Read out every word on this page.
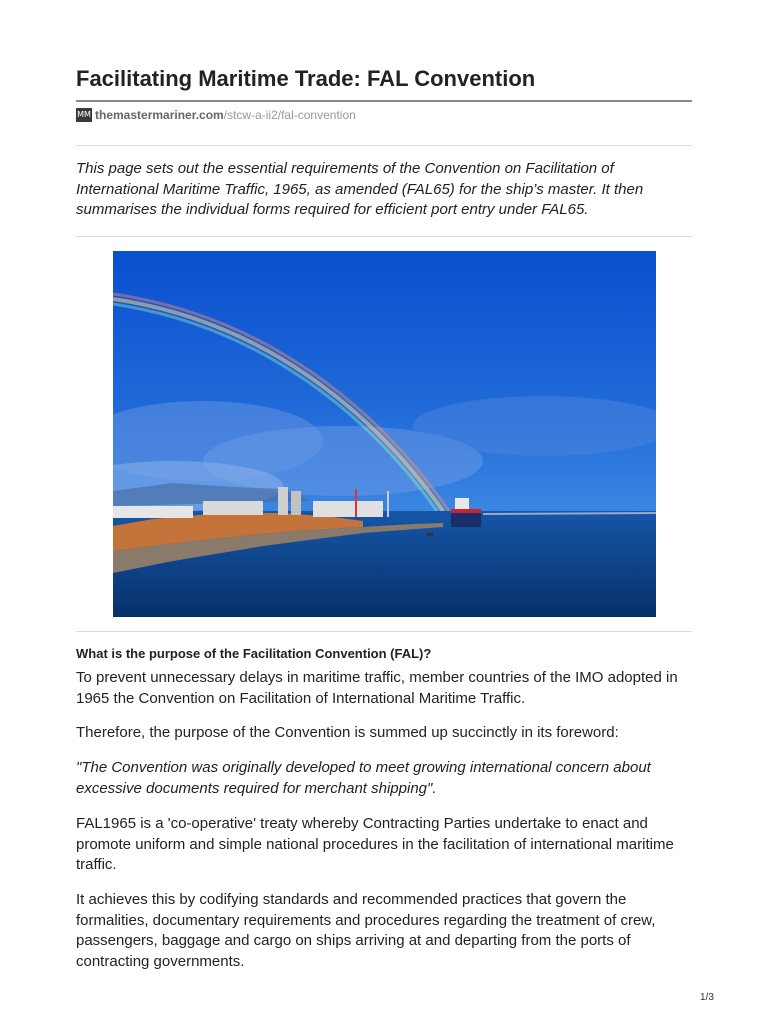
Facilitating Maritime Trade: FAL Convention
MM themastermariner.com /stcw-a-ii2/fal-convention

This page sets out the essential requirements of the Convention on Facilitation of International Maritime Traffic, 1965, as amended (FAL65) for the ship’s master. It then summarises the individual forms required for efficient port entry under FAL65.

What is the purpose of the Facilitation Convention (FAL)?

To prevent unnecessary delays in maritime traffic, member countries of the IMO adopted in 1965 the Convention on Facilitation of International Maritime Traffic.

Therefore, the purpose of the Convention is summed up succinctly in its foreword:

"The Convention was originally developed to meet growing international concern about excessive documents required for merchant shipping".

FAL1965 is a 'co-operative' treaty whereby Contracting Parties undertake to enact and promote uniform and simple national procedures in the facilitation of international maritime traffic.

It achieves this by codifying standards and recommended practices that govern the formalities, documentary requirements and procedures regarding the treatment of crew, passengers, baggage and cargo on ships arriving at and departing from the ports of contracting governments.

1/3
